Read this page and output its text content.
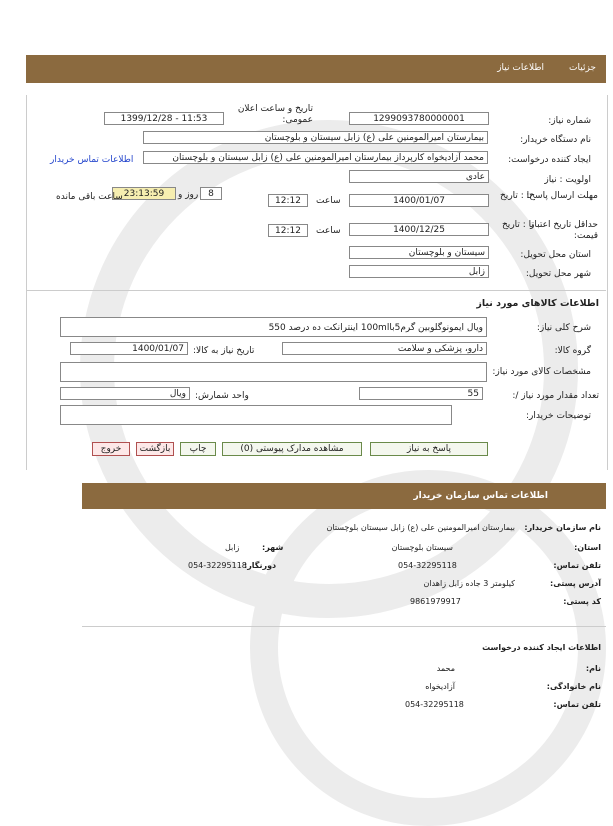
جزئیات
اطلاعات نیاز
شماره نیاز:
1299093780000001
تاریخ و ساعت اعلان عمومی:
1399/12/28 - 11:53
نام دستگاه خریدار:
بیمارستان امیرالمومنین علی (ع) زابل سیستان و بلوچستان
ایجاد کننده درخواست:
محمد آزادیخواه کارپرداز بیمارستان امیرالمومنین علی (ع) زابل سیستان و بلوچستان
اطلاعات تماس خریدار
اولویت : نیاز
عادی
مهلت ارسال پاسخ:
تا : تاریخ
1400/01/07
ساعت
12:12
8
روز و
23:13:59
ساعت باقی مانده
حداقل تاریخ اعتبار قیمت:
تا : تاریخ
1400/12/25
ساعت
12:12
استان محل تحویل:
سیستان و بلوچستان
شهر محل تحویل:
زابل
اطلاعات کالاهای مورد نیاز
شرح کلی نیاز:
ویال ایمونوگلوبین گرم5با100ml اینترانکت ده درصد 550
گروه کالا:
دارو، پزشکی و سلامت
تاریخ نیاز به کالا:
1400/01/07
مشخصات کالای مورد نیاز:
تعداد مقدار مورد نیاز /:
55
واحد شمارش:
ویال
توضیحات خریدار:
پاسخ به نیاز
مشاهده مدارک پیوستی (0)
چاپ
بازگشت
خروج
اطلاعات تماس سازمان خریدار
نام سازمان خریدار:
بیمارستان امیرالمومنین علی (ع) زابل سیستان بلوچستان
استان:
سیستان بلوچستان
شهر:
زابل
تلفن تماس:
054-32295118
دورنگار:
054-32295118
آدرس پستی:
کیلومتر 3 جاده زابل زاهدان
کد پستی:
9861979917
اطلاعات ایجاد کننده درخواست
نام:
محمد
نام خانوادگی:
آزادیخواه
تلفن تماس:
054-32295118
